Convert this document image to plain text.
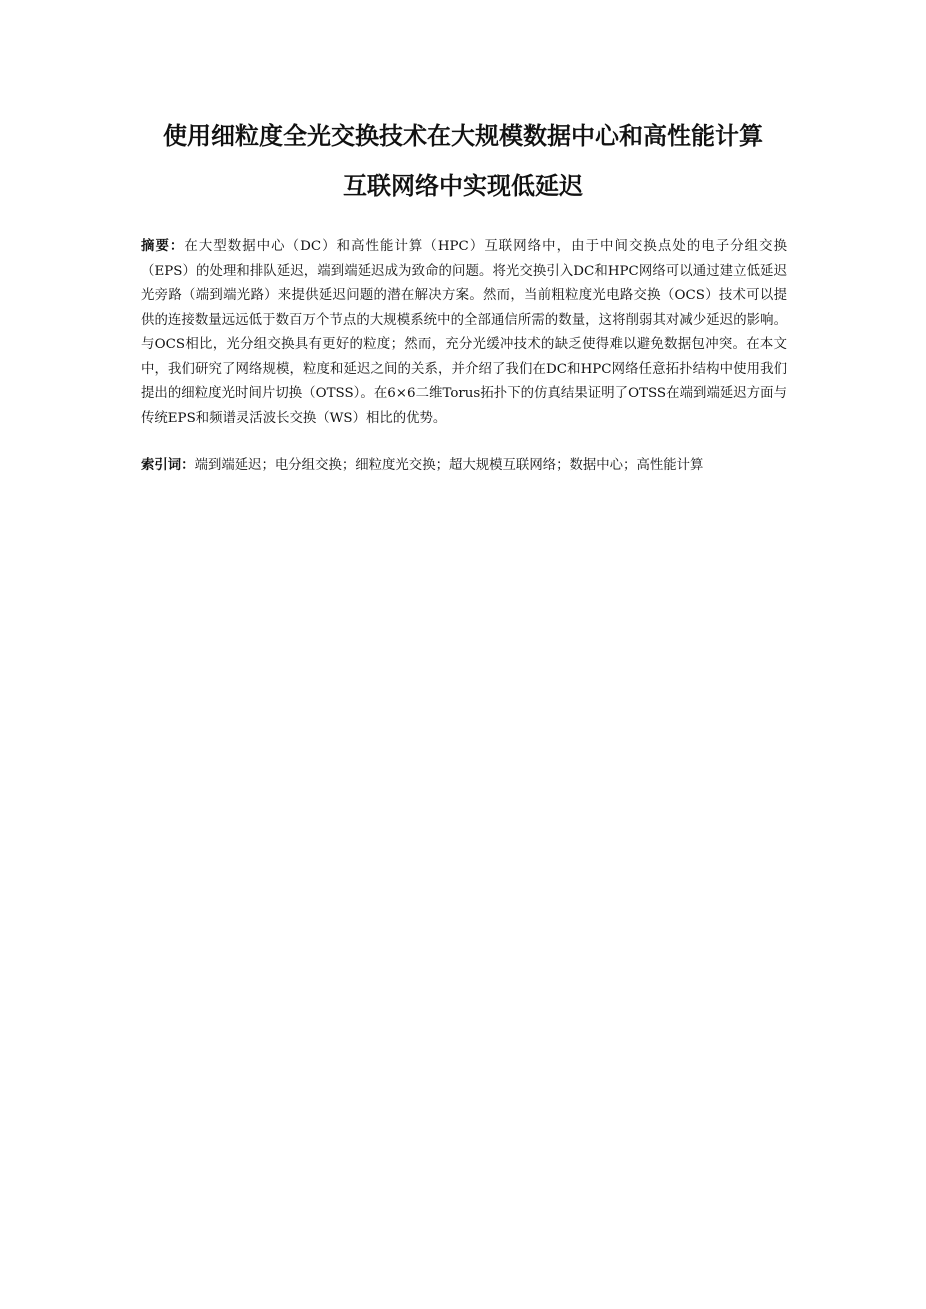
使用细粒度全光交换技术在大规模数据中心和高性能计算
互联网络中实现低延迟
摘要：在大型数据中心（DC）和高性能计算（HPC）互联网络中，由于中间交换点处的电子分组交换（EPS）的处理和排队延迟，端到端延迟成为致命的问题。将光交换引入DC和HPC网络可以通过建立低延迟光旁路（端到端光路）来提供延迟问题的潜在解决方案。然而，当前粗粒度光电路交换（OCS）技术可以提供的连接数量远远低于数百万个节点的大规模系统中的全部通信所需的数量，这将削弱其对减少延迟的影响。与OCS相比，光分组交换具有更好的粒度；然而，充分光缓冲技术的缺乏使得难以避免数据包冲突。在本文中，我们研究了网络规模，粒度和延迟之间的关系，并介绍了我们在DC和HPC网络任意拓扑结构中使用我们提出的细粒度光时间片切换（OTSS）。在6×6二维Torus拓扑下的仿真结果证明了OTSS在端到端延迟方面与传统EPS和频谱灵活波长交换（WS）相比的优势。
索引词：端到端延迟；电分组交换；细粒度光交换；超大规模互联网络；数据中心；高性能计算
